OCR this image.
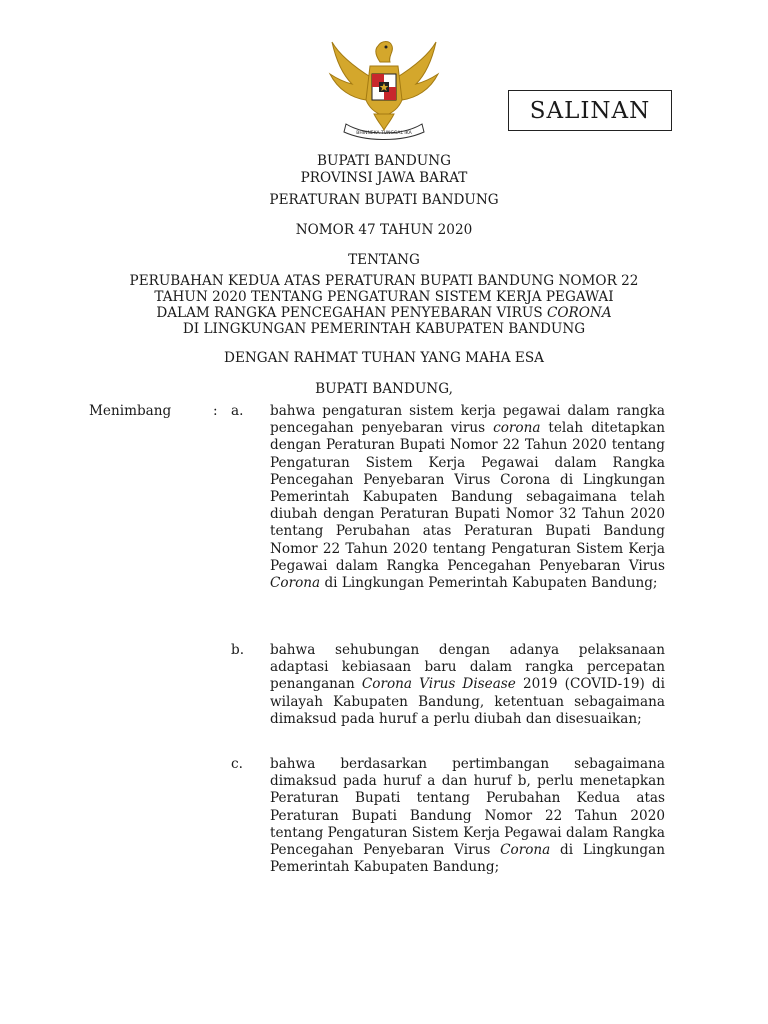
BHINNEKA TUNGGAL IKA
SALINAN

BUPATI BANDUNG

PROVINSI JAWA BARAT

PERATURAN BUPATI BANDUNG

NOMOR 47 TAHUN 2020

TENTANG

PERUBAHAN KEDUA ATAS PERATURAN BUPATI BANDUNG NOMOR 22

TAHUN 2020 TENTANG PENGATURAN SISTEM KERJA PEGAWAI

DALAM RANGKA PENCEGAHAN PENYEBARAN VIRUS CORONA

DI LINGKUNGAN PEMERINTAH KABUPATEN BANDUNG

DENGAN RAHMAT TUHAN YANG MAHA ESA

BUPATI BANDUNG,

Menimbang	: a. bahwa pengaturan sistem kerja pegawai dalam rangka pencegahan penyebaran virus corona telah ditetapkan dengan Peraturan Bupati Nomor 22 Tahun 2020 tentang Pengaturan Sistem Kerja Pegawai dalam Rangka Pencegahan Penyebaran Virus Corona di Lingkungan Pemerintah Kabupaten Bandung sebagaimana telah diubah dengan Peraturan Bupati Nomor 32 Tahun 2020 tentang Perubahan atas Peraturan Bupati Bandung Nomor 22 Tahun 2020 tentang Pengaturan Sistem Kerja Pegawai dalam Rangka Pencegahan Penyebaran Virus Corona di Lingkungan Pemerintah Kabupaten Bandung;

b. bahwa sehubungan dengan adanya pelaksanaan adaptasi kebiasaan baru dalam rangka percepatan penanganan Corona Virus Disease 2019 (COVID-19) di wilayah Kabupaten Bandung, ketentuan sebagaimana dimaksud pada huruf a perlu diubah dan disesuaikan;

c. bahwa berdasarkan pertimbangan sebagaimana dimaksud pada huruf a dan huruf b, perlu menetapkan Peraturan Bupati tentang Perubahan Kedua atas Peraturan Bupati Bandung Nomor 22 Tahun 2020 tentang Pengaturan Sistem Kerja Pegawai dalam Rangka Pencegahan Penyebaran Virus Corona di Lingkungan Pemerintah Kabupaten Bandung;
